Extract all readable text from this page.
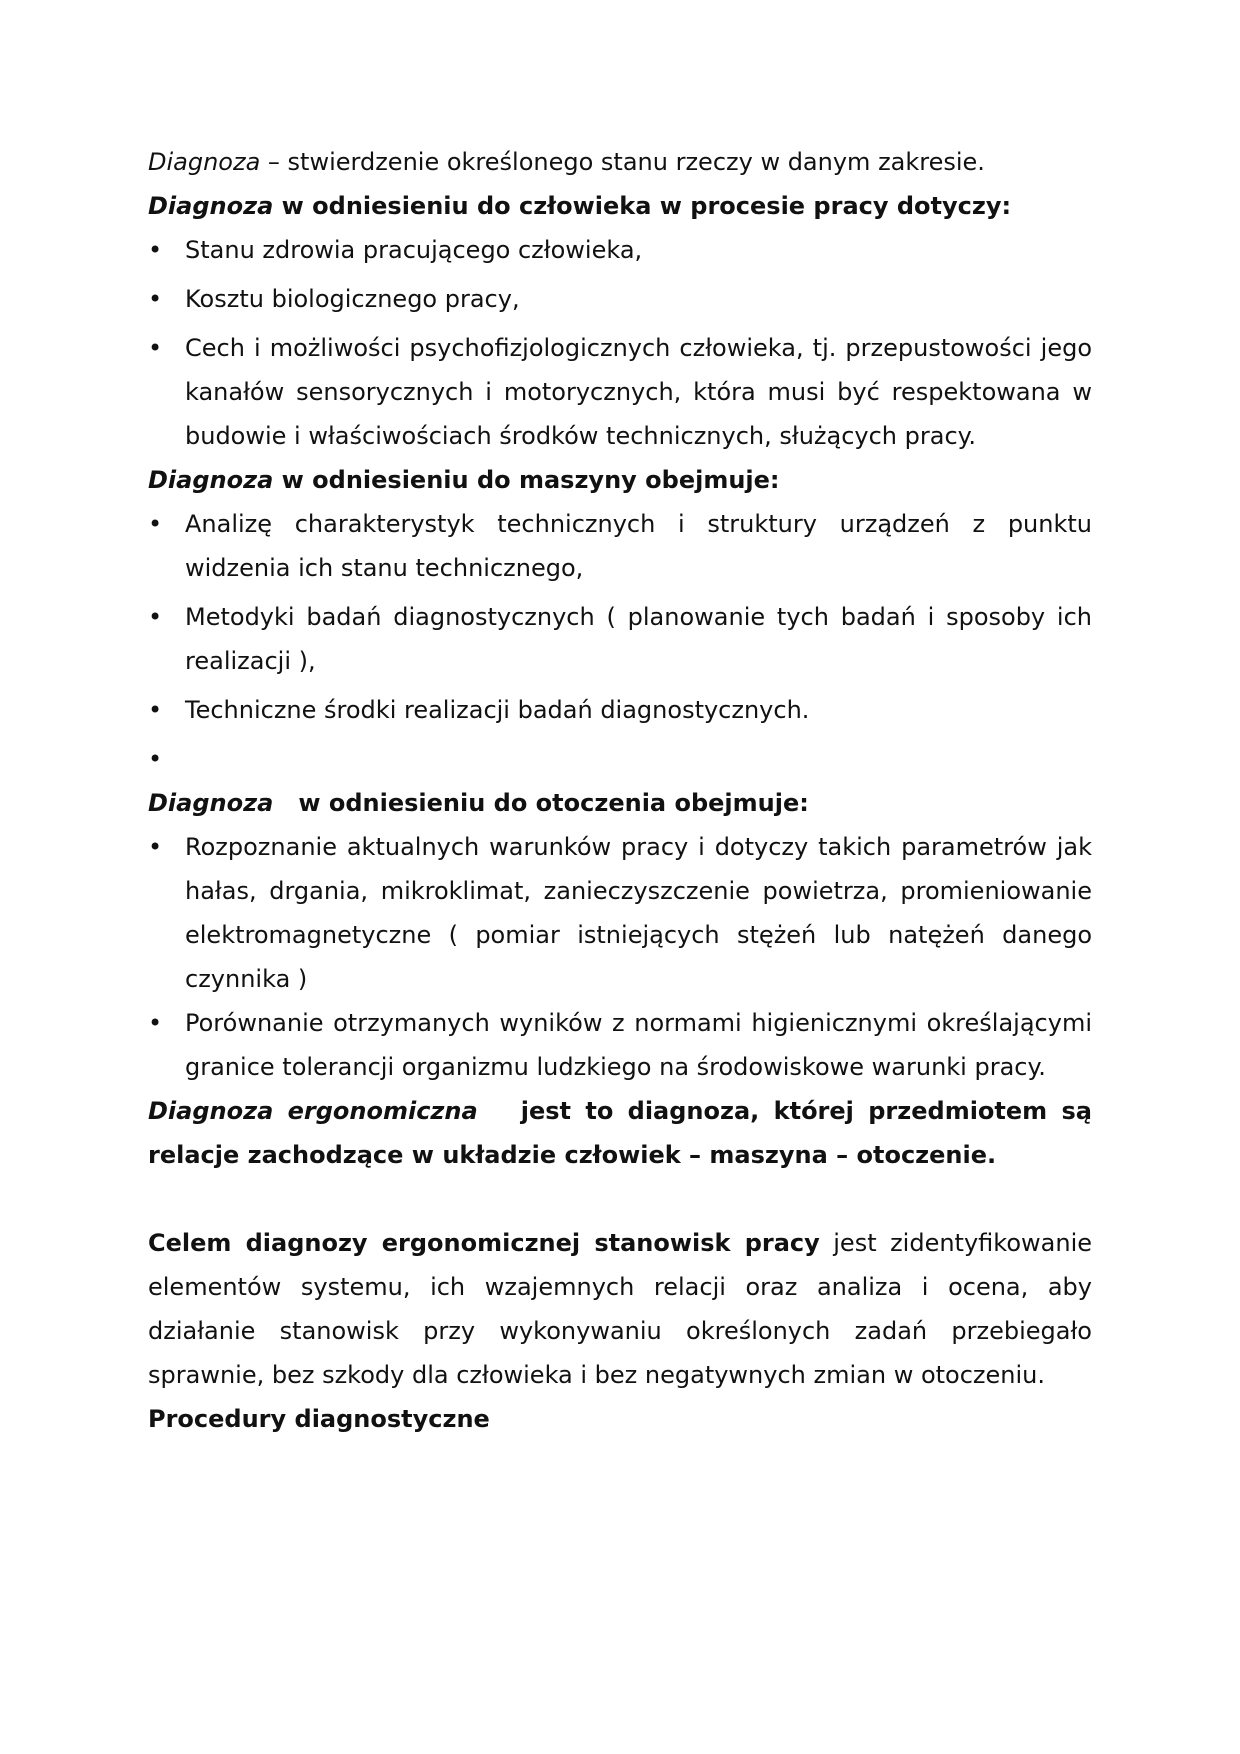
Diagnoza – stwierdzenie określonego stanu rzeczy w danym zakresie.

Diagnoza w odniesieniu do człowieka w procesie pracy dotyczy:

• Stanu zdrowia pracującego człowieka,
• Kosztu biologicznego pracy,
• Cech i możliwości psychofizjologicznych człowieka, tj. przepustowości jego kanałów sensorycznych i motorycznych, która musi być respektowana w budowie i właściwościach środków technicznych, służących pracy.

Diagnoza w odniesieniu do maszyny obejmuje:

• Analizę charakterystyk technicznych i struktury urządzeń z punktu widzenia ich stanu technicznego,
• Metodyki badań diagnostycznych ( planowanie tych badań i sposoby ich realizacji ),
• Techniczne środki realizacji badań diagnostycznych.
•

Diagnoza   w odniesieniu do otoczenia obejmuje:

• Rozpoznanie aktualnych warunków pracy i dotyczy takich parametrów jak hałas, drgania, mikroklimat, zanieczyszczenie powietrza, promieniowanie elektromagnetyczne ( pomiar istniejących stężeń lub natężeń danego czynnika )
• Porównanie otrzymanych wyników z normami higienicznymi określającymi granice tolerancji organizmu ludzkiego na środowiskowe warunki pracy.

Diagnoza ergonomiczna   jest to diagnoza, której przedmiotem są relacje zachodzące w układzie człowiek – maszyna – otoczenie.

Celem diagnozy ergonomicznej stanowisk pracy jest zidentyfikowanie elementów systemu, ich wzajemnych relacji oraz analiza i ocena, aby działanie stanowisk przy wykonywaniu określonych zadań przebiegało sprawnie, bez szkody dla człowieka i bez negatywnych zmian w otoczeniu.

Procedury diagnostyczne
